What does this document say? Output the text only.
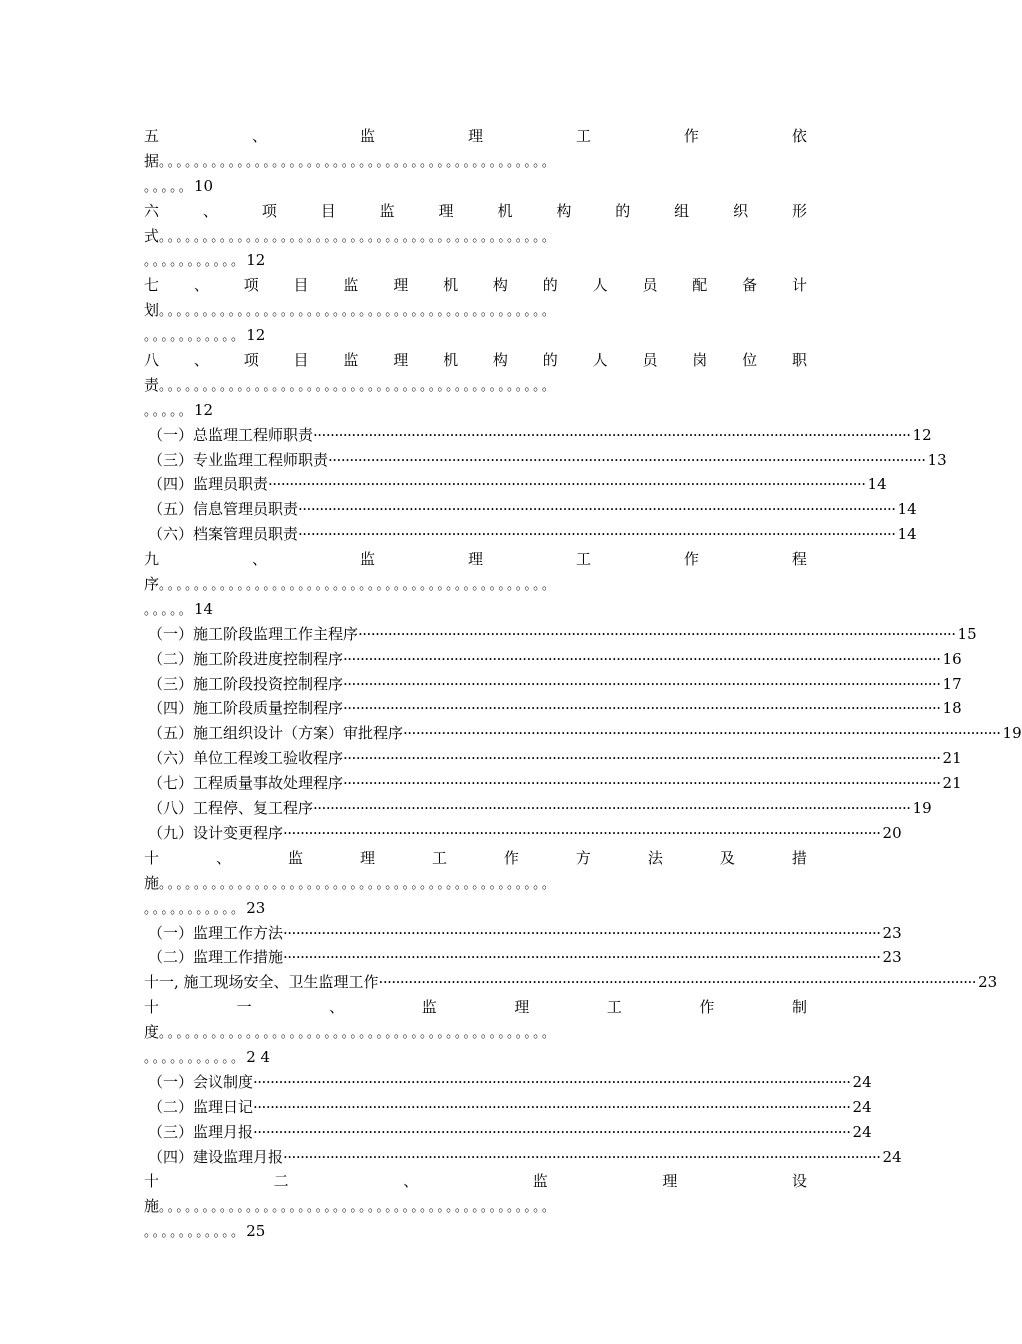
五	、	监	理	工	作	依
据。。。。。。。。。。。。。。。。。。。。。。。。。。。。。。。。。。。。。。。。。。。。。
。。。。。10
六	、	项	目	监	理	机	构	的	组	织	形
式。。。。。。。。。。。。。。。。。。。。。。。。。。。。。。。。。。。。。。。。。。。。。
。。。。。。。。。。。12
七 、 项 目 监 理 机 构 的 人 员 配 备 计
划。。。。。。。。。。。。。。。。。。。。。。。。。。。。。。。。。。。。。。。。。。。。。
。。。。。。。。。。。12
八 、 项 目 监 理 机 构 的 人 员 岗 位 职
责。。。。。。。。。。。。。。。。。。。。。。。。。。。。。。。。。。。。。。。。。。。。。
。。。。。12
（一）总监理工程师职责 ············································································································································ 12
（三）专业监理工程师职责 ············································································································································ 13
（四）监理员职责 ············································································································································ 14
（五）信息管理员职责 ············································································································································ 14
（六）档案管理员职责 ············································································································································ 14
九	、	监	理	工	作	程
序。。。。。。。。。。。。。。。。。。。。。。。。。。。。。。。。。。。。。。。。。。。。。
。。。。。14
（一）施工阶段监理工作主程序 ············································································································································ 15
（二）施工阶段进度控制程序 ············································································································································ 16
（三）施工阶段投资控制程序 ············································································································································ 17
（四）施工阶段质量控制程序 ············································································································································ 18
（五）施工组织设计（方案）审批程序 ············································································································································ 19
（六）单位工程竣工验收程序 ············································································································································ 21
（七）工程质量事故处理程序 ············································································································································ 21
（八）工程停、复工程序 ············································································································································ 19
（九）设计变更程序 ············································································································································ 20
十	、	监	理	工	作	方	法	及	措
施。。。。。。。。。。。。。。。。。。。。。。。。。。。。。。。。。。。。。。。。。。。。。
。。。。。。。。。。。23
（一）监理工作方法 ············································································································································ 23
（二）监理工作措施 ············································································································································ 23
十一, 施工现场安全、卫生监理工作 ············································································································································ 23
十	一	、	监	理	工	作	制
度。。。。。。。。。。。。。。。。。。。。。。。。。。。。。。。。。。。。。。。。。。。。。
。。。。。。。。。。。2 4
（一）会议制度 ············································································································································ 24
（二）监理日记 ············································································································································ 24
（三）监理月报 ············································································································································ 24
（四）建设监理月报 ············································································································································ 24
十	二	、	监	理	设
施。。。。。。。。。。。。。。。。。。。。。。。。。。。。。。。。。。。。。。。。。。。。。
。。。。。。。。。。。25
